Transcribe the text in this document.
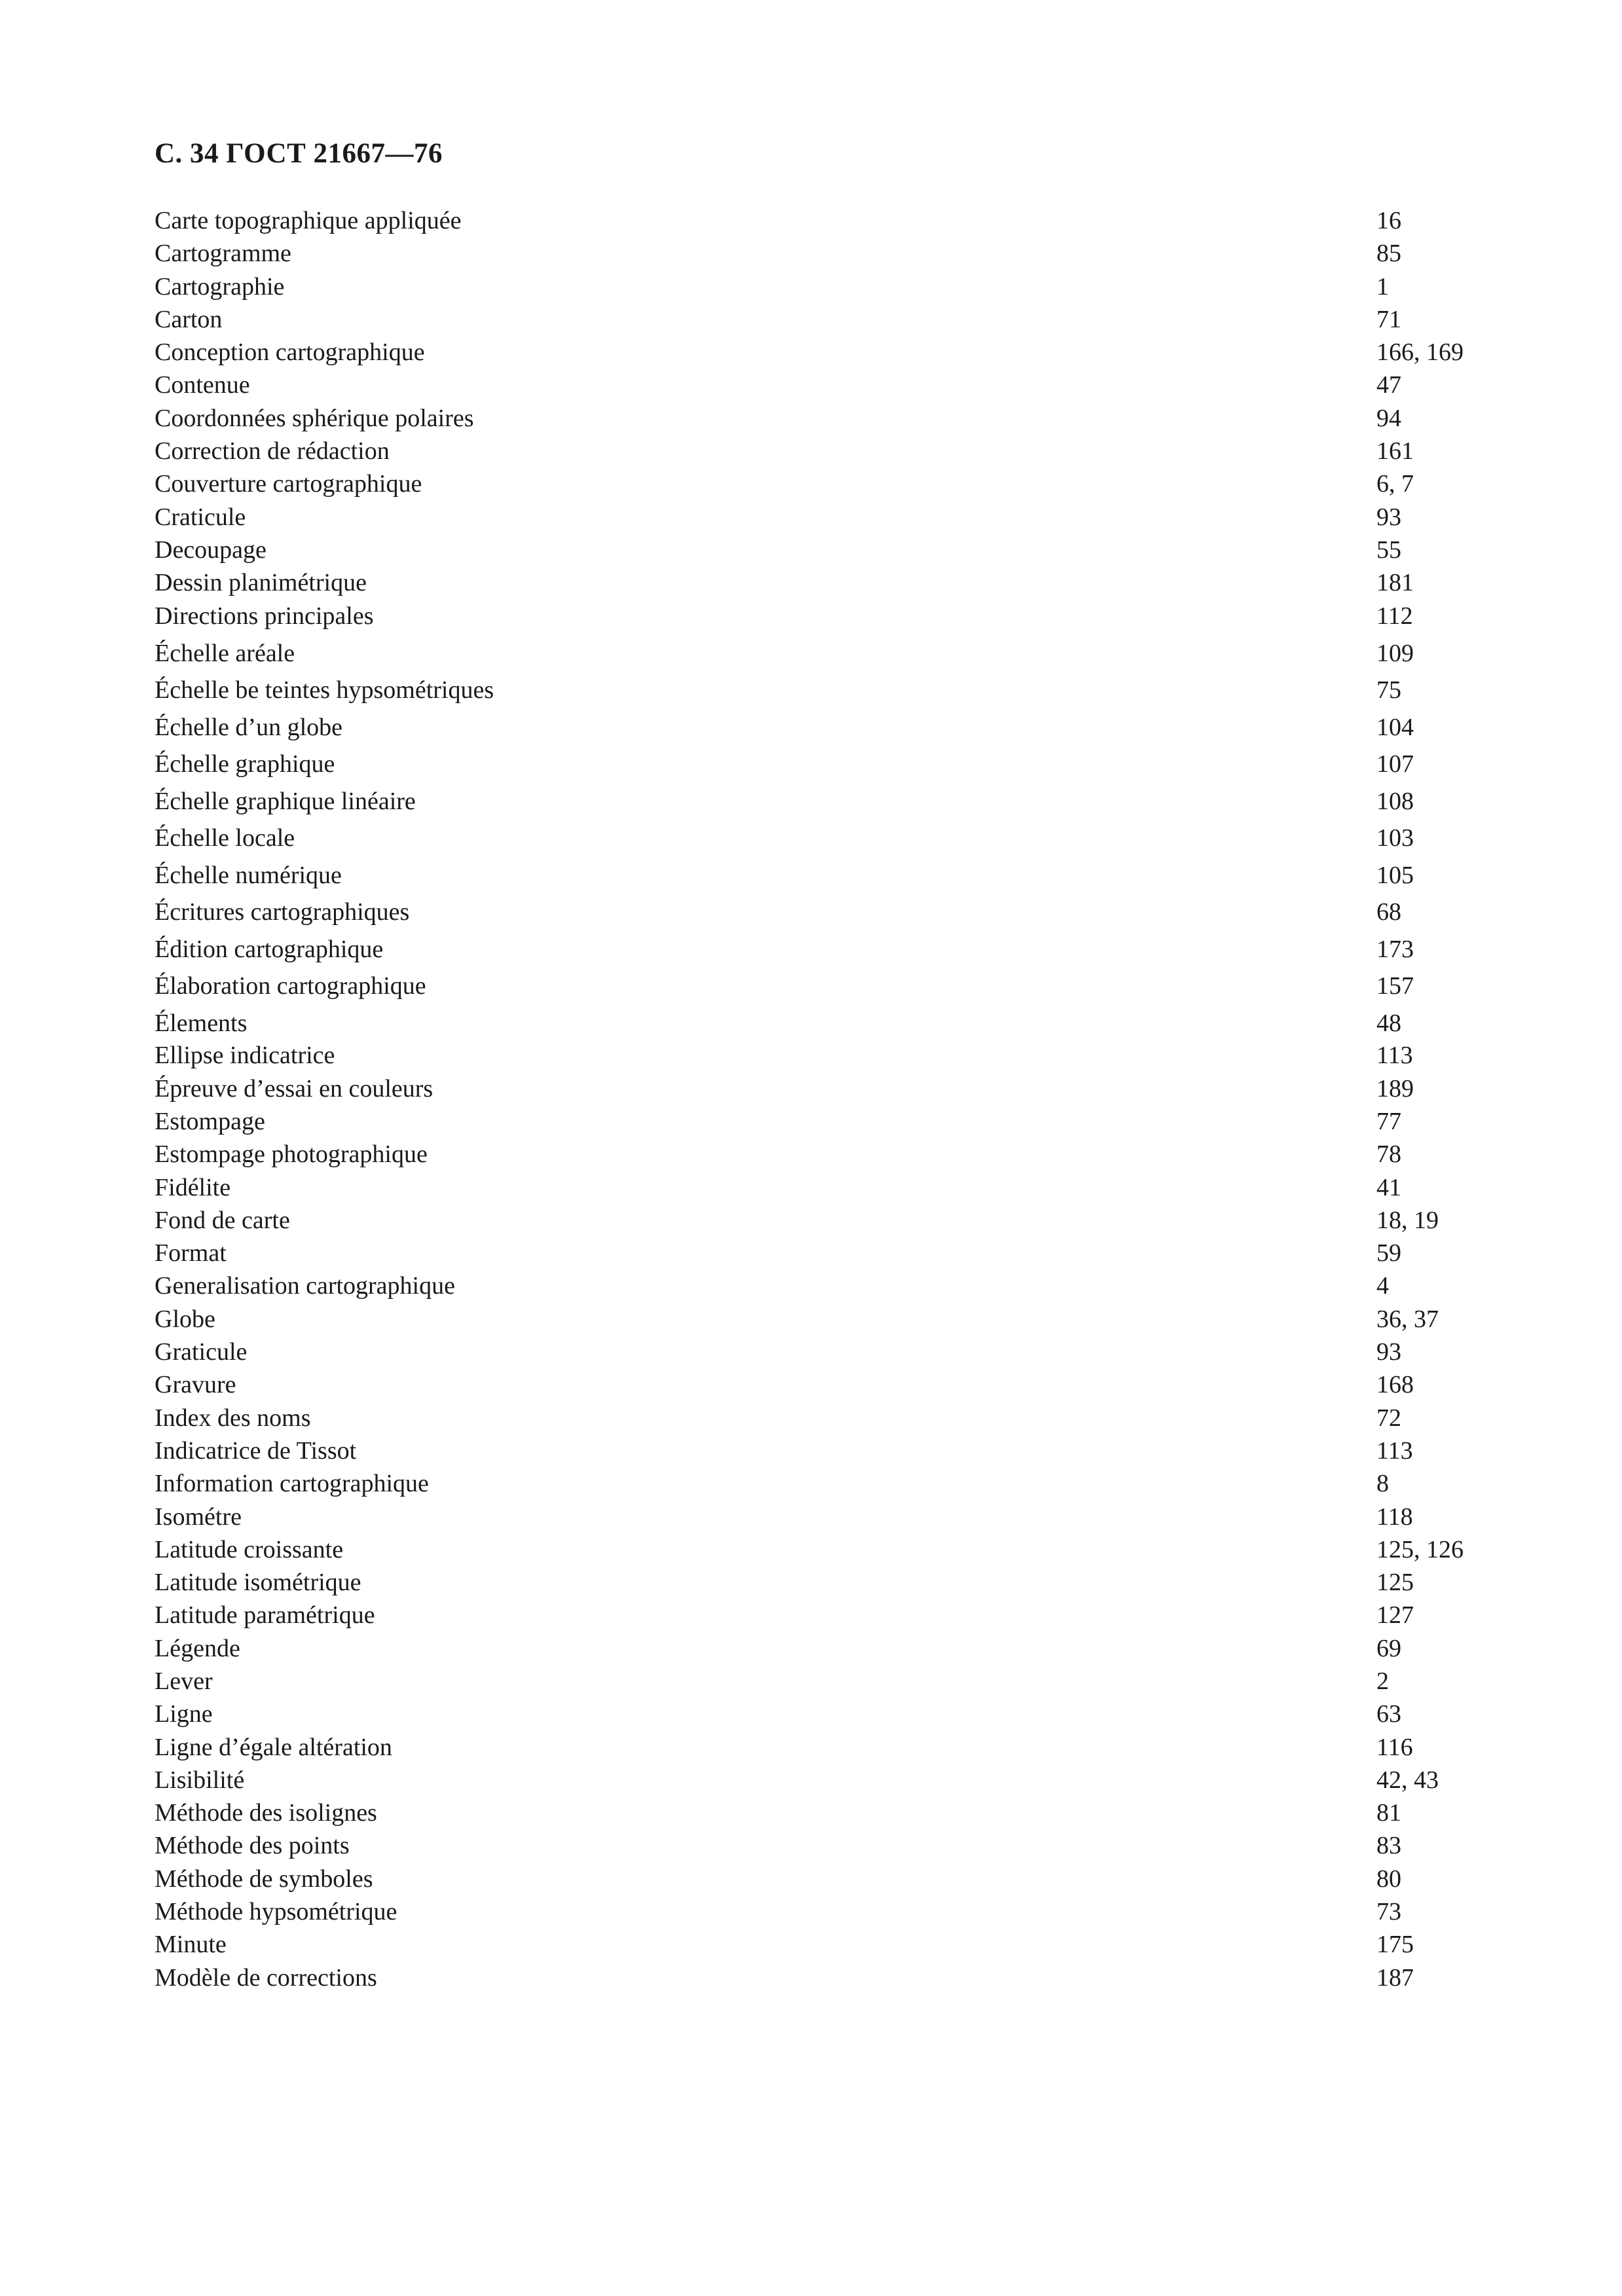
С. 34 ГОСТ 21667—76
Carte topographique appliquée	16
Cartogramme	85
Cartographie	1
Carton	71
Conception cartographique	166, 169
Contenue	47
Coordonnées sphérique polaires	94
Correction de rédaction	161
Couverture cartographique	6, 7
Craticule	93
Decoupage	55
Dessin planimétrique	181
Directions principales	112
Échelle aréale	109
Échelle be teintes hypsométriques	75
Échelle d’un globe	104
Échelle graphique	107
Échelle graphique linéaire	108
Échelle locale	103
Échelle numérique	105
Écritures cartographiques	68
Édition cartographique	173
Élaboration cartographique	157
Élements	48
Ellipse indicatrice	113
Épreuve d’essai en couleurs	189
Estompage	77
Estompage photographique	78
Fidélite	41
Fond de carte	18, 19
Format	59
Generalisation cartographique	4
Globe	36, 37
Graticule	93
Gravure	168
Index des noms	72
Indicatrice de Tissot	113
Information cartographique	8
Isométre	118
Latitude croissante	125, 126
Latitude isométrique	125
Latitude paramétrique	127
Légende	69
Lever	2
Ligne	63
Ligne d’égale altération	116
Lisibilité	42, 43
Méthode des isolignes	81
Méthode des points	83
Méthode de symboles	80
Méthode hypsométrique	73
Minute	175
Modèle de corrections	187
